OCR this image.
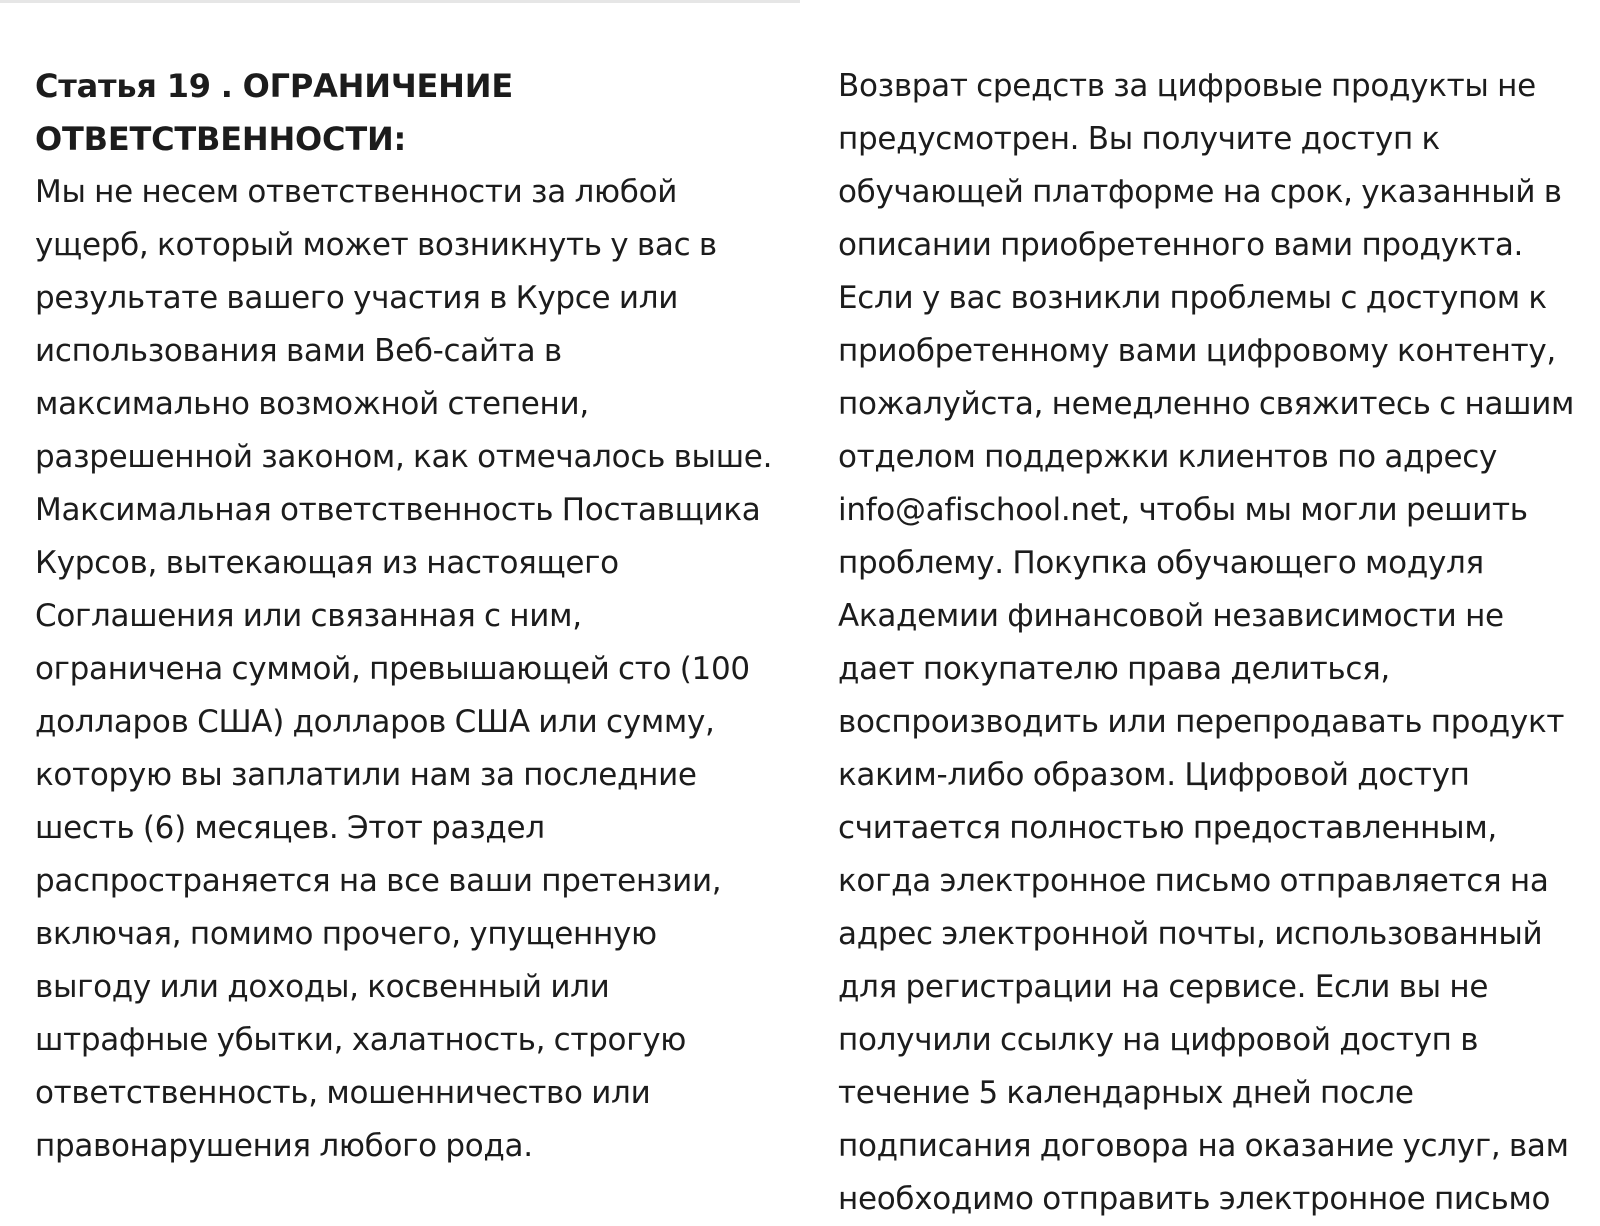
Статья 19 . ОГРАНИЧЕНИЕ
ОТВЕТСТВЕННОСТИ:
Мы не несем ответственности за любой
ущерб, который может возникнуть у вас в
результате вашего участия в Курсе или
использования вами Веб-сайта в
максимально возможной степени,
разрешенной законом, как отмечалось выше.
Максимальная ответственность Поставщика
Курсов, вытекающая из настоящего
Соглашения или связанная с ним,
ограничена суммой, превышающей сто (100
долларов США) долларов США или сумму,
которую вы заплатили нам за последние
шесть (6) месяцев. Этот раздел
распространяется на все ваши претензии,
включая, помимо прочего, упущенную
выгоду или доходы, косвенный или
штрафные убытки, халатность, строгую
ответственность, мошенничество или
правонарушения любого рода.
Возврат средств за цифровые продукты не
предусмотрен. Вы получите доступ к
обучающей платформе на срок, указанный в
описании приобретенного вами продукта.
Если у вас возникли проблемы с доступом к
приобретенному вами цифровому контенту,
пожалуйста, немедленно свяжитесь с нашим
отделом поддержки клиентов по адресу
info@afischool.net, чтобы мы могли решить
проблему. Покупка обучающего модуля
Академии финансовой независимости не
дает покупателю права делиться,
воспроизводить или перепродавать продукт
каким-либо образом. Цифровой доступ
считается полностью предоставленным,
когда электронное письмо отправляется на
адрес электронной почты, использованный
для регистрации на сервисе. Если вы не
получили ссылку на цифровой доступ в
течение 5 календарных дней после
подписания договора на оказание услуг, вам
необходимо отправить электронное письмо
